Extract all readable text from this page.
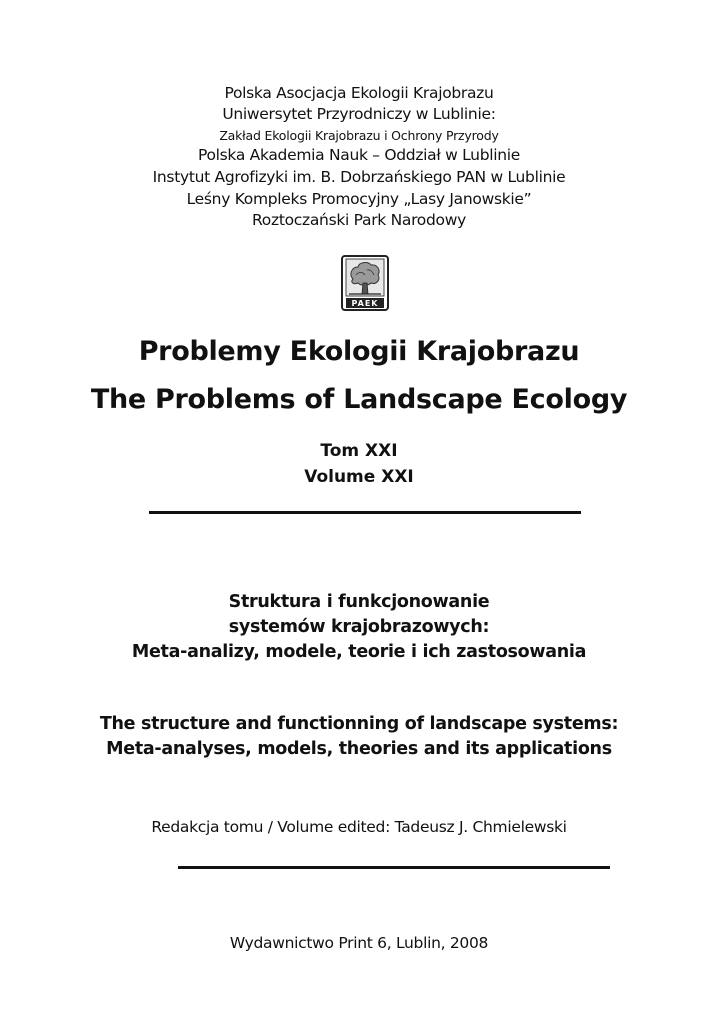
Polska Asocjacja Ekologii Krajobrazu
Uniwersytet Przyrodniczy w Lublinie:
Zakład Ekologii Krajobrazu i Ochrony Przyrody
Polska Akademia Nauk – Oddział w Lublinie
Instytut Agrofizyki im. B. Dobrzańskiego PAN w Lublinie
Leśny Kompleks Promocyjny „Lasy Janowskie”
Roztoczański Park Narodowy
PAEK
Problemy Ekologii Krajobrazu
The Problems of Landscape Ecology
Tom XXI
Volume XXI
Struktura i funkcjonowanie
systemów krajobrazowych:
Meta-analizy, modele, teorie i ich zastosowania
The structure and functionning of landscape systems:
Meta-analyses, models, theories and its applications
Redakcja tomu / Volume edited: Tadeusz J. Chmielewski
Wydawnictwo Print 6, Lublin, 2008
